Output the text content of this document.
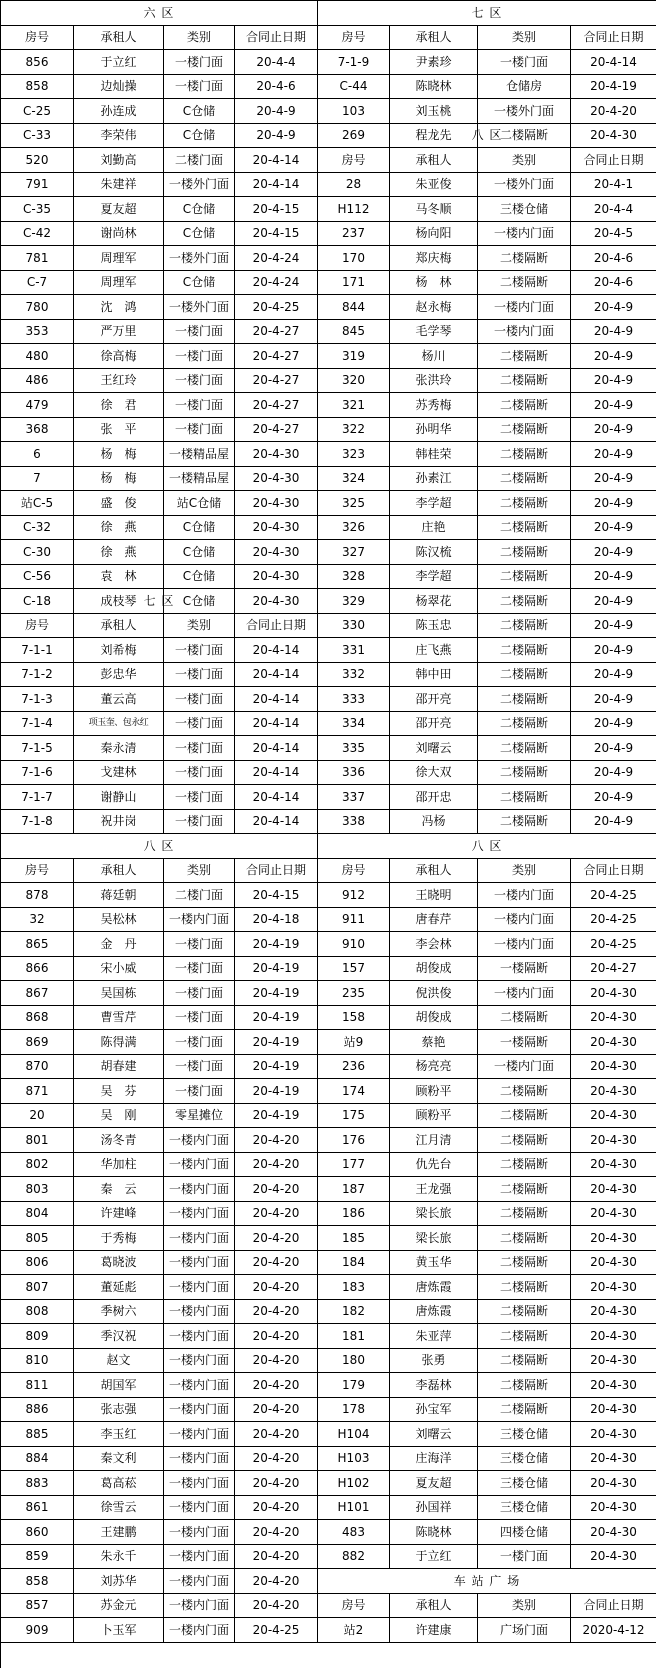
六 区
房号	承租人	类别	合同止日期
856	于立红	一楼门面	20-4-4
858	边灿操	一楼门面	20-4-6
C-25	孙连成	C仓储	20-4-9
C-33	李荣伟	C仓储	20-4-9
520	刘勤高	二楼门面	20-4-14
791	朱建祥	一楼外门面	20-4-14
C-35	夏友超	C仓储	20-4-15
C-42	谢尚林	C仓储	20-4-15
781	周理军	一楼外门面	20-4-24
C-7	周理军	C仓储	20-4-24
780	沈　鸿	一楼外门面	20-4-25
353	严万里	一楼门面	20-4-27
480	徐高梅	一楼门面	20-4-27
486	王红玲	一楼门面	20-4-27
479	徐　君	一楼门面	20-4-27
368	张　平	一楼门面	20-4-27
6	杨　梅	一楼精品屋	20-4-30
7	杨　梅	一楼精品屋	20-4-30
站C-5	盛　俊	站C仓储	20-4-30
C-32	徐　燕	C仓储	20-4-30
C-30	徐　燕	C仓储	20-4-30
C-56	袁　林	C仓储	20-4-30
C-18	成枝琴	C仓储	20-4-30
七 区
房号	承租人	类别	合同止日期
7-1-1	刘希梅	一楼门面	20-4-14
7-1-2	彭忠华	一楼门面	20-4-14
7-1-3	董云高	一楼门面	20-4-14
7-1-4	项玉奎、包永红	一楼门面	20-4-14
7-1-5	秦永清	一楼门面	20-4-14
7-1-6	戈建林	一楼门面	20-4-14
7-1-7	谢静山	一楼门面	20-4-14
7-1-8	祝井岗	一楼门面	20-4-14
八 区
房号	承租人	类别	合同止日期
878	蒋廷朝	二楼门面	20-4-15
32	吴松林	一楼内门面	20-4-18
865	金　丹	一楼门面	20-4-19
866	宋小威	一楼门面	20-4-19
867	吴国栋	一楼门面	20-4-19
868	曹雪芹	一楼门面	20-4-19
869	陈得满	一楼门面	20-4-19
870	胡春建	一楼门面	20-4-19
871	吴　芬	一楼门面	20-4-19
20	吴　刚	零星摊位	20-4-19
801	汤冬青	一楼内门面	20-4-20
802	华加柱	一楼内门面	20-4-20
803	秦　云	一楼内门面	20-4-20
804	许建峰	一楼内门面	20-4-20
805	于秀梅	一楼内门面	20-4-20
806	葛晓波	一楼内门面	20-4-20
807	董延彪	一楼内门面	20-4-20
808	季树六	一楼内门面	20-4-20
809	季汉祝	一楼内门面	20-4-20
810	赵文	一楼内门面	20-4-20
811	胡国军	一楼内门面	20-4-20
886	张志强	一楼内门面	20-4-20
885	李玉红	一楼内门面	20-4-20
884	秦文利	一楼内门面	20-4-20
883	葛高菘	一楼内门面	20-4-20
861	徐雪云	一楼内门面	20-4-20
860	王建鹏	一楼内门面	20-4-20
859	朱永千	一楼内门面	20-4-20
858	刘苏华	一楼内门面	20-4-20
857	苏金元	一楼内门面	20-4-20
909	卜玉军	一楼内门面	20-4-25
七 区
房号	承租人	类别	合同止日期
7-1-9	尹素珍	一楼门面	20-4-14
C-44	陈晓林	仓储房	20-4-19
103	刘玉桃	一楼外门面	20-4-20
269	程龙先	二楼隔断	20-4-30
八 区
房号	承租人	类别	合同止日期
28	朱亚俊	一楼外门面	20-4-1
H112	马冬顺	三楼仓储	20-4-4
237	杨向阳	一楼内门面	20-4-5
170	郑庆梅	二楼隔断	20-4-6
171	杨　林	二楼隔断	20-4-6
844	赵永梅	一楼内门面	20-4-9
845	毛学琴	一楼内门面	20-4-9
319	杨川	二楼隔断	20-4-9
320	张洪玲	二楼隔断	20-4-9
321	苏秀梅	二楼隔断	20-4-9
322	孙明华	二楼隔断	20-4-9
323	韩桂荣	二楼隔断	20-4-9
324	孙素江	二楼隔断	20-4-9
325	李学超	二楼隔断	20-4-9
326	庄艳	二楼隔断	20-4-9
327	陈汉梳	二楼隔断	20-4-9
328	李学超	二楼隔断	20-4-9
329	杨翠花	二楼隔断	20-4-9
330	陈玉忠	二楼隔断	20-4-9
331	庄飞燕	二楼隔断	20-4-9
332	韩中田	二楼隔断	20-4-9
333	邵开亮	二楼隔断	20-4-9
334	邵开亮	二楼隔断	20-4-9
335	刘曙云	二楼隔断	20-4-9
336	徐大双	二楼隔断	20-4-9
337	邵开忠	二楼隔断	20-4-9
338	冯杨	二楼隔断	20-4-9
八 区
房号	承租人	类别	合同止日期
912	王晓明	一楼内门面	20-4-25
911	唐春芹	一楼内门面	20-4-25
910	李会林	一楼内门面	20-4-25
157	胡俊成	一楼隔断	20-4-27
235	倪洪俊	一楼内门面	20-4-30
158	胡俊成	二楼隔断	20-4-30
站9	蔡艳	一楼隔断	20-4-30
236	杨亮亮	一楼内门面	20-4-30
174	顾粉平	二楼隔断	20-4-30
175	顾粉平	二楼隔断	20-4-30
176	江月清	二楼隔断	20-4-30
177	仇先台	二楼隔断	20-4-30
187	王龙强	二楼隔断	20-4-30
186	梁长旅	二楼隔断	20-4-30
185	梁长旅	二楼隔断	20-4-30
184	黄玉华	二楼隔断	20-4-30
183	唐炼霞	二楼隔断	20-4-30
182	唐炼霞	二楼隔断	20-4-30
181	朱亚萍	二楼隔断	20-4-30
180	张勇	二楼隔断	20-4-30
179	李磊林	二楼隔断	20-4-30
178	孙宝军	二楼隔断	20-4-30
H104	刘曙云	三楼仓储	20-4-30
H103	庄海洋	三楼仓储	20-4-30
H102	夏友超	三楼仓储	20-4-30
H101	孙国祥	三楼仓储	20-4-30
483	陈晓林	四楼仓储	20-4-30
882	于立红	一楼门面	20-4-30
车 站 广 场
房号	承租人	类别	合同止日期
站2	许建康	广场门面	2020-4-12
